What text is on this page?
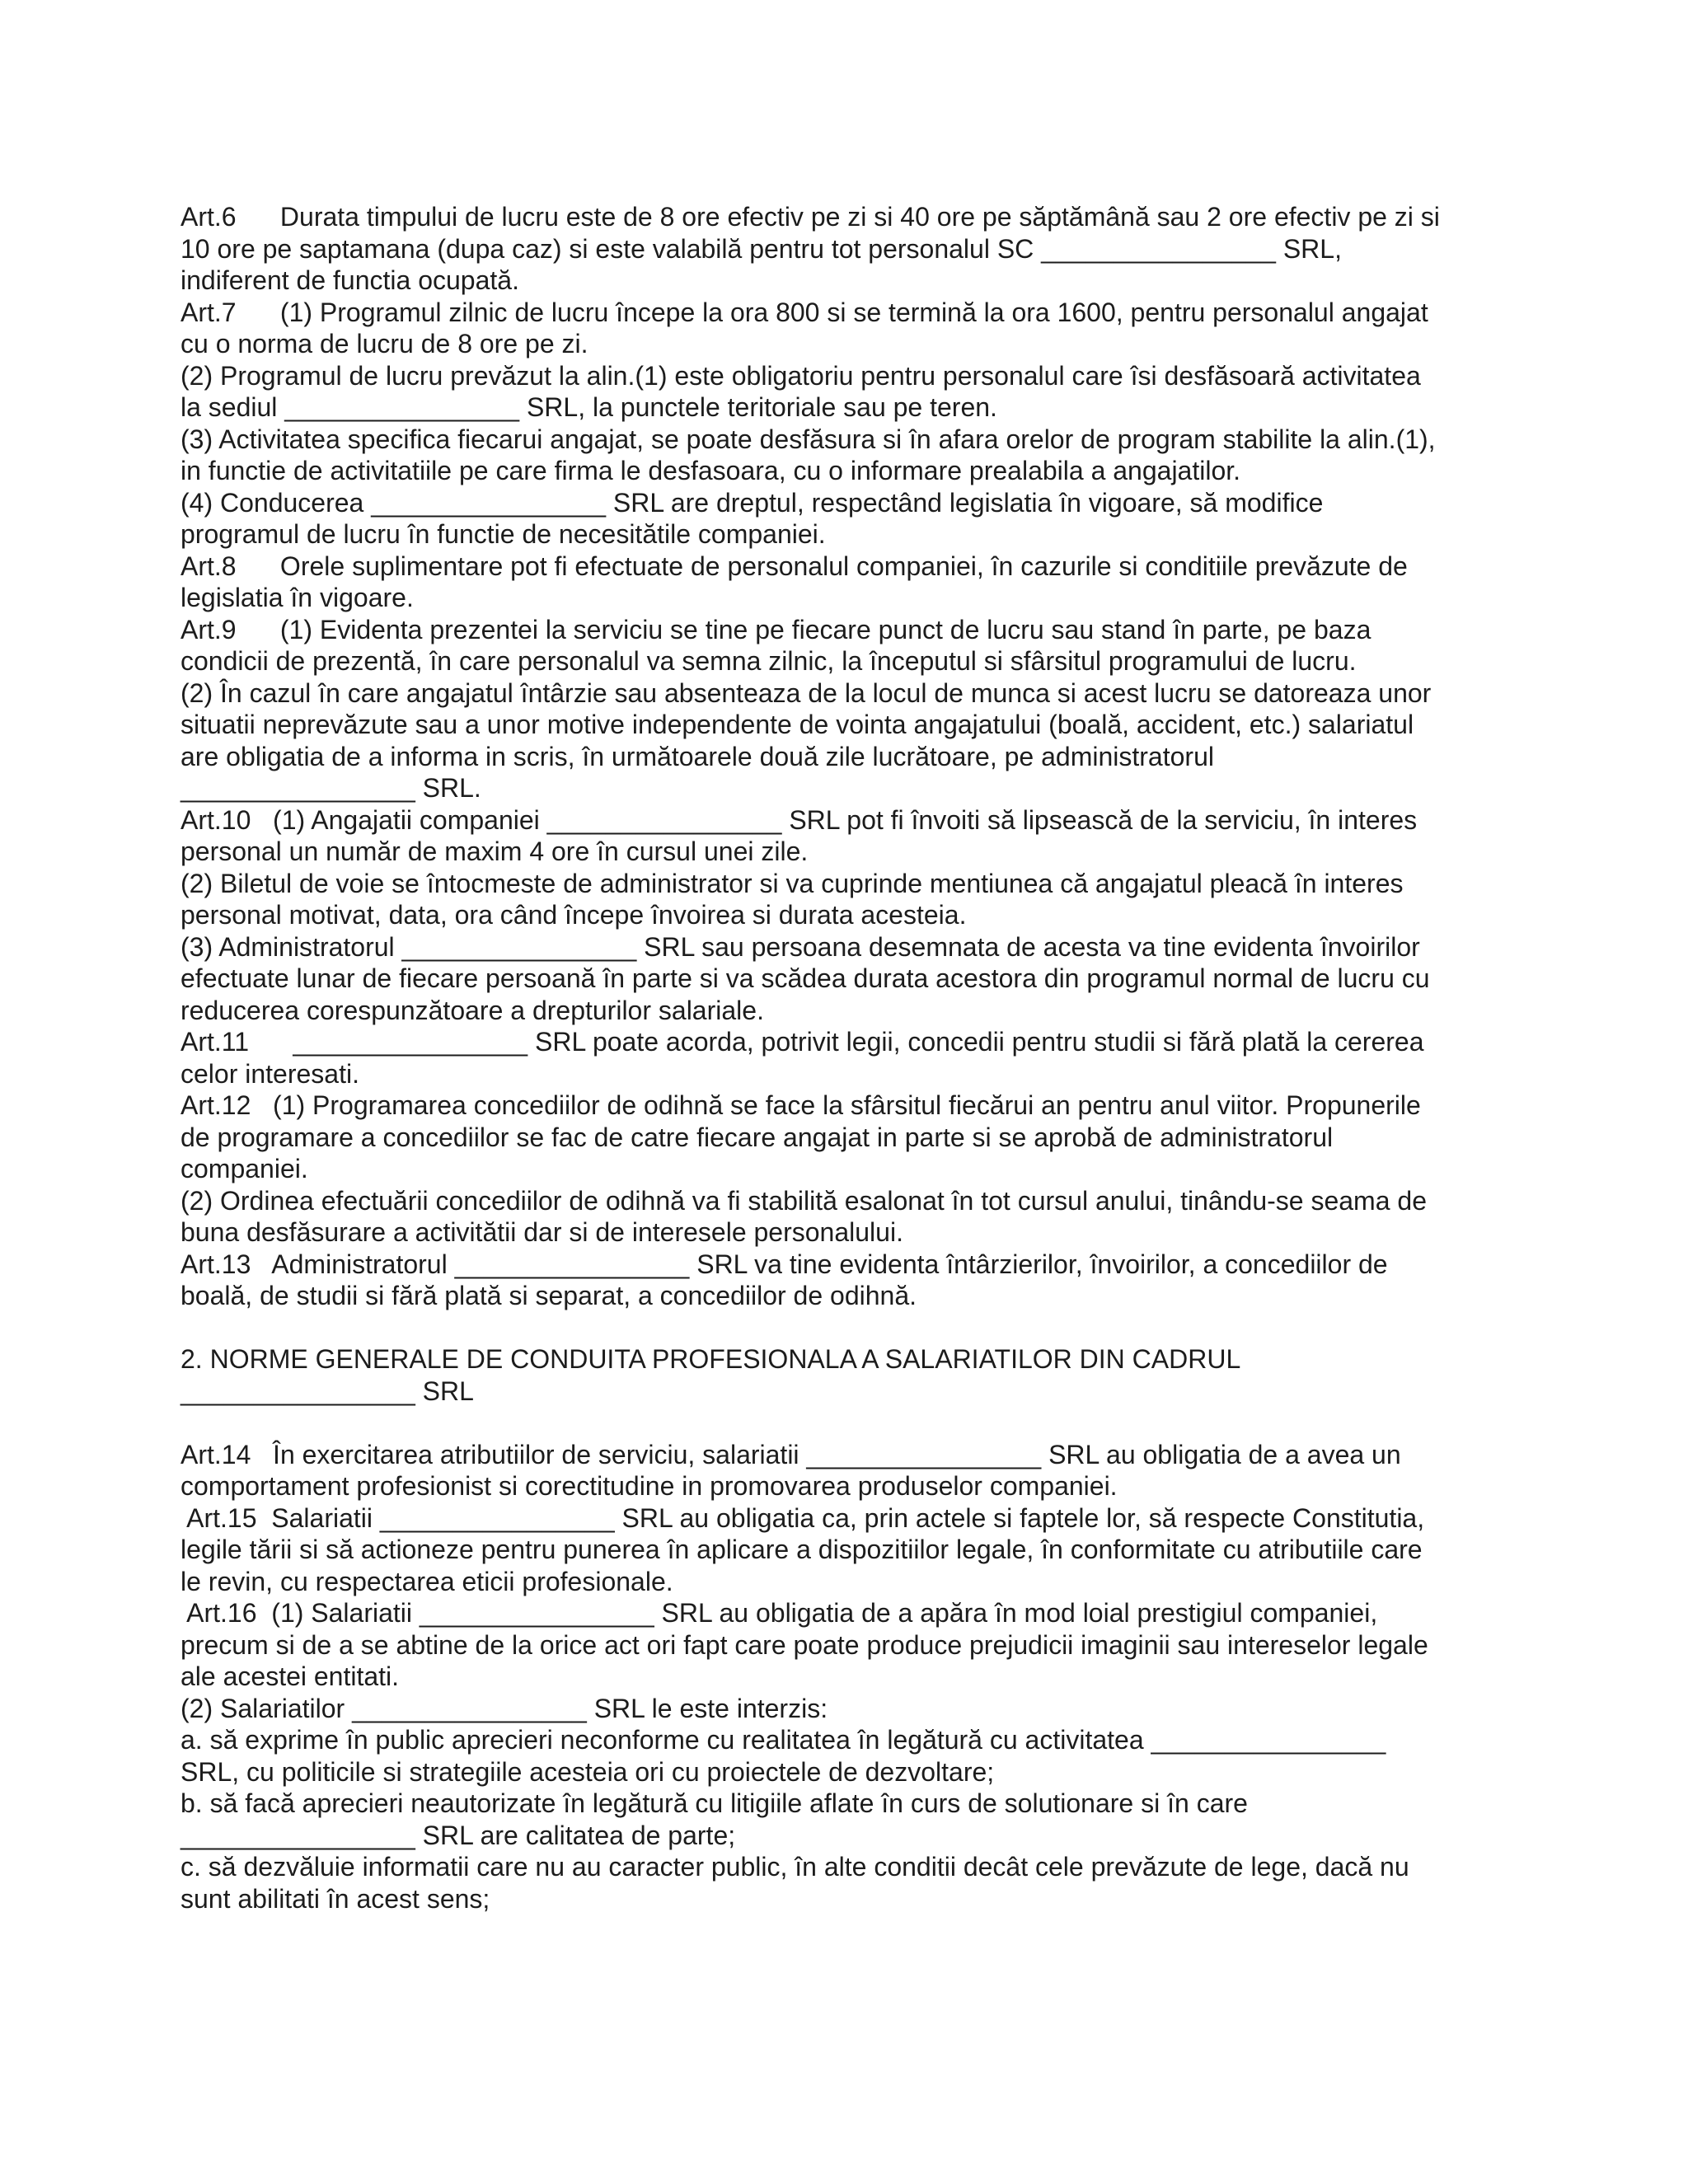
Art.6      Durata timpului de lucru este de 8 ore efectiv pe zi si 40 ore pe săptămână sau 2 ore efectiv pe zi si
10 ore pe saptamana (dupa caz) si este valabilă pentru tot personalul SC ________________ SRL,
indiferent de functia ocupată.
Art.7      (1) Programul zilnic de lucru începe la ora 800 si se termină la ora 1600, pentru personalul angajat
cu o norma de lucru de 8 ore pe zi.
(2) Programul de lucru prevăzut la alin.(1) este obligatoriu pentru personalul care îsi desfăsoară activitatea
la sediul ________________ SRL, la punctele teritoriale sau pe teren.
(3) Activitatea specifica fiecarui angajat, se poate desfăsura si în afara orelor de program stabilite la alin.(1),
in functie de activitatiile pe care firma le desfasoara, cu o informare prealabila a angajatilor.
(4) Conducerea ________________ SRL are dreptul, respectând legislatia în vigoare, să modifice
programul de lucru în functie de necesitătile companiei.
Art.8      Orele suplimentare pot fi efectuate de personalul companiei, în cazurile si conditiile prevăzute de
legislatia în vigoare.
Art.9      (1) Evidenta prezentei la serviciu se tine pe fiecare punct de lucru sau stand în parte, pe baza
condicii de prezentă, în care personalul va semna zilnic, la începutul si sfârsitul programului de lucru.
(2) În cazul în care angajatul întârzie sau absenteaza de la locul de munca si acest lucru se datoreaza unor
situatii neprevăzute sau a unor motive independente de vointa angajatului (boală, accident, etc.) salariatul
are obligatia de a informa in scris, în următoarele două zile lucrătoare, pe administratorul
________________ SRL.
Art.10   (1) Angajatii companiei ________________ SRL pot fi învoiti să lipsească de la serviciu, în interes
personal un număr de maxim 4 ore în cursul unei zile.
(2) Biletul de voie se întocmeste de administrator si va cuprinde mentiunea că angajatul pleacă în interes
personal motivat, data, ora când începe învoirea si durata acesteia.
(3) Administratorul ________________ SRL sau persoana desemnata de acesta va tine evidenta învoirilor
efectuate lunar de fiecare persoană în parte si va scădea durata acestora din programul normal de lucru cu
reducerea corespunzătoare a drepturilor salariale.
Art.11      ________________ SRL poate acorda, potrivit legii, concedii pentru studii si fără plată la cererea
celor interesati.
Art.12   (1) Programarea concediilor de odihnă se face la sfârsitul fiecărui an pentru anul viitor. Propunerile
de programare a concediilor se fac de catre fiecare angajat in parte si se aprobă de administratorul
companiei.
(2) Ordinea efectuării concediilor de odihnă va fi stabilită esalonat în tot cursul anului, tinându-se seama de
buna desfăsurare a activitătii dar si de interesele personalului.
Art.13   Administratorul ________________ SRL va tine evidenta întârzierilor, învoirilor, a concediilor de
boală, de studii si fără plată si separat, a concediilor de odihnă.
2. NORME GENERALE DE CONDUITA PROFESIONALA A SALARIATILOR DIN CADRUL
________________ SRL
Art.14   În exercitarea atributiilor de serviciu, salariatii ________________ SRL au obligatia de a avea un
comportament profesionist si corectitudine in promovarea produselor companiei.
Art.15  Salariatii ________________ SRL au obligatia ca, prin actele si faptele lor, să respecte Constitutia,
legile tării si să actioneze pentru punerea în aplicare a dispozitiilor legale, în conformitate cu atributiile care
le revin, cu respectarea eticii profesionale.
Art.16  (1) Salariatii ________________ SRL au obligatia de a apăra în mod loial prestigiul companiei,
precum si de a se abtine de la orice act ori fapt care poate produce prejudicii imaginii sau intereselor legale
ale acestei entitati.
(2) Salariatilor ________________ SRL le este interzis:
a. să exprime în public aprecieri neconforme cu realitatea în legătură cu activitatea ________________
SRL, cu politicile si strategiile acesteia ori cu proiectele de dezvoltare;
b. să facă aprecieri neautorizate în legătură cu litigiile aflate în curs de solutionare si în care
________________ SRL are calitatea de parte;
c. să dezvăluie informatii care nu au caracter public, în alte conditii decât cele prevăzute de lege, dacă nu
sunt abilitati în acest sens;
